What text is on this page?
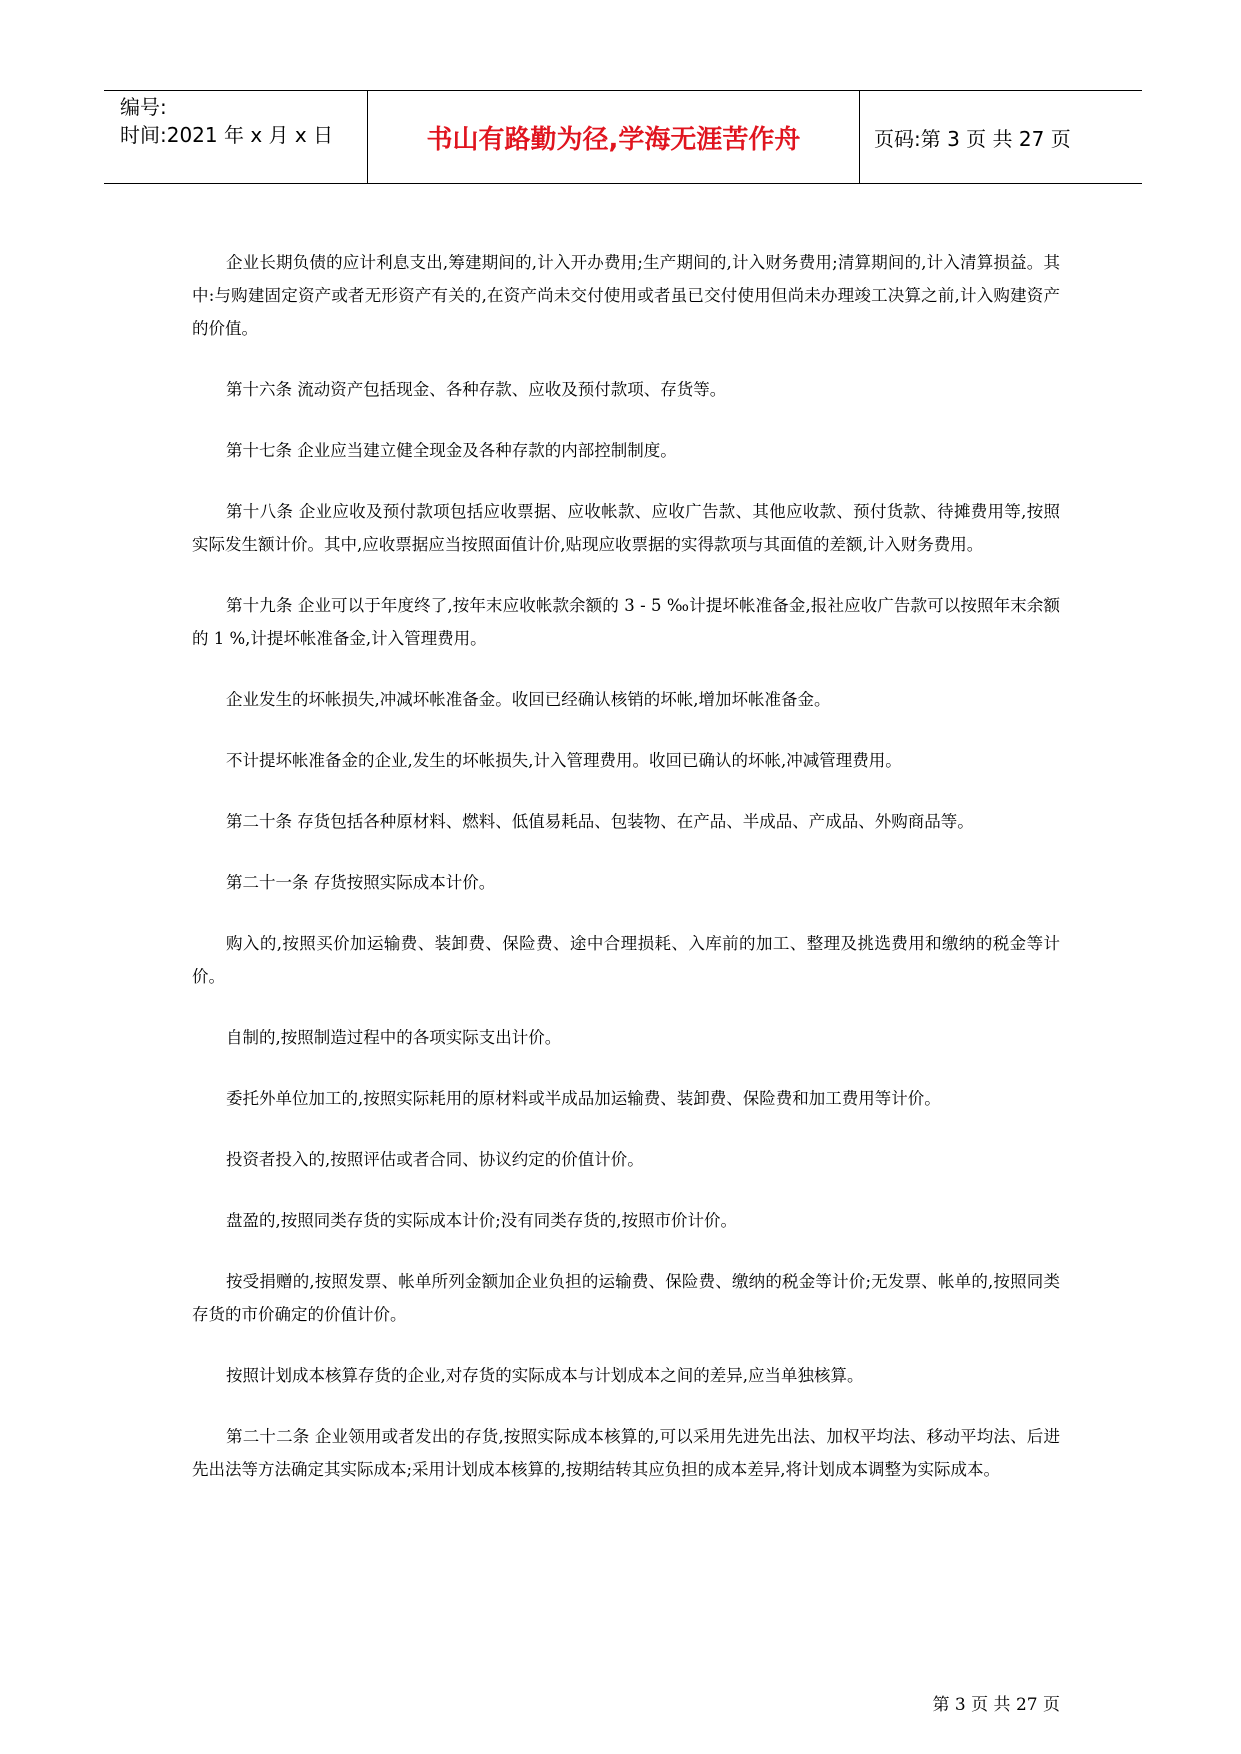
编号:
时间:2021 年 x 月 x 日	书山有路勤为径,学海无涯苦作舟	页码:第 3 页 共 27 页

企业长期负债的应计利息支出,筹建期间的,计入开办费用;生产期间的,计入财务费用;清算期间的,计入清算损益。其中:与购建固定资产或者无形资产有关的,在资产尚未交付使用或者虽已交付使用但尚未办理竣工决算之前,计入购建资产的价值。

第十六条 流动资产包括现金、各种存款、应收及预付款项、存货等。

第十七条 企业应当建立健全现金及各种存款的内部控制制度。

第十八条 企业应收及预付款项包括应收票据、应收帐款、应收广告款、其他应收款、预付货款、待摊费用等,按照实际发生额计价。其中,应收票据应当按照面值计价,贴现应收票据的实得款项与其面值的差额,计入财务费用。

第十九条 企业可以于年度终了,按年末应收帐款余额的 3 - 5 ‰计提坏帐准备金,报社应收广告款可以按照年末余额的 1 %,计提坏帐准备金,计入管理费用。

企业发生的坏帐损失,冲减坏帐准备金。收回已经确认核销的坏帐,增加坏帐准备金。

不计提坏帐准备金的企业,发生的坏帐损失,计入管理费用。收回已确认的坏帐,冲减管理费用。

第二十条 存货包括各种原材料、燃料、低值易耗品、包装物、在产品、半成品、产成品、外购商品等。

第二十一条 存货按照实际成本计价。

购入的,按照买价加运输费、装卸费、保险费、途中合理损耗、入库前的加工、整理及挑选费用和缴纳的税金等计价。

自制的,按照制造过程中的各项实际支出计价。

委托外单位加工的,按照实际耗用的原材料或半成品加运输费、装卸费、保险费和加工费用等计价。

投资者投入的,按照评估或者合同、协议约定的价值计价。

盘盈的,按照同类存货的实际成本计价;没有同类存货的,按照市价计价。

按受捐赠的,按照发票、帐单所列金额加企业负担的运输费、保险费、缴纳的税金等计价;无发票、帐单的,按照同类存货的市价确定的价值计价。

按照计划成本核算存货的企业,对存货的实际成本与计划成本之间的差异,应当单独核算。

第二十二条 企业领用或者发出的存货,按照实际成本核算的,可以采用先进先出法、加权平均法、移动平均法、后进先出法等方法确定其实际成本;采用计划成本核算的,按期结转其应负担的成本差异,将计划成本调整为实际成本。

第 3 页 共 27 页
